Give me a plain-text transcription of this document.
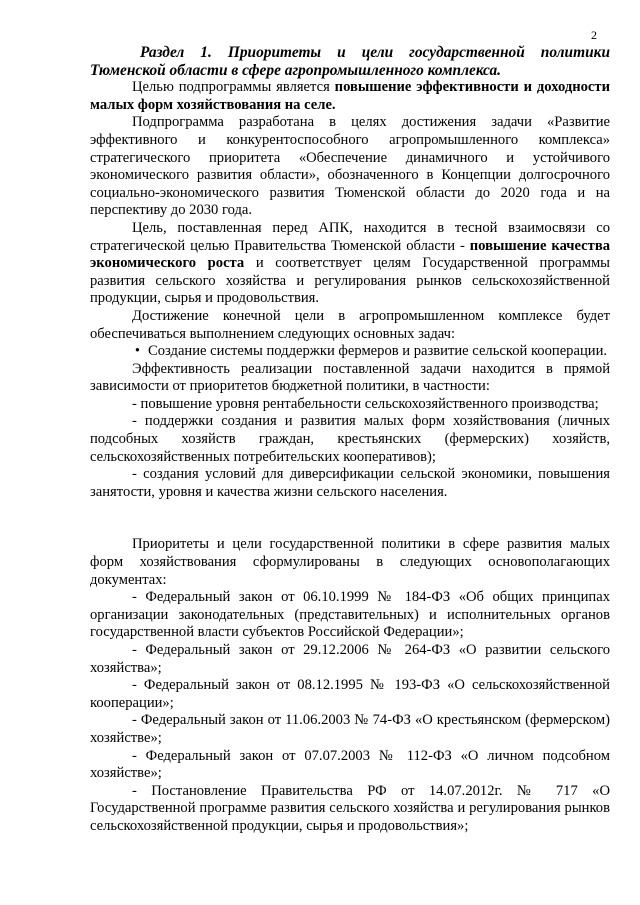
2

Раздел 1. Приоритеты и цели государственной политики Тюменской области в сфере агропромышленного комплекса.

Целью подпрограммы является повышение эффективности и доходности малых форм хозяйствования на селе.

Подпрограмма разработана в целях достижения задачи «Развитие эффективного и конкурентоспособного агропромышленного комплекса» стратегического приоритета «Обеспечение динамичного и устойчивого экономического развития области», обозначенного в Концепции долгосрочного социально-экономического развития Тюменской области до 2020 года и на перспективу до 2030 года.

Цель, поставленная перед АПК, находится в тесной взаимосвязи со стратегической целью Правительства Тюменской области - повышение качества экономического роста и соответствует целям Государственной программы развития сельского хозяйства и регулирования рынков сельскохозяйственной продукции, сырья и продовольствия.

Достижение конечной цели в агропромышленном комплексе будет обеспечиваться выполнением следующих основных задач:

• Создание системы поддержки фермеров и развитие сельской кооперации.

Эффективность реализации поставленной задачи находится в прямой зависимости от приоритетов бюджетной политики, в частности:

- повышение уровня рентабельности сельскохозяйственного производства;

- поддержки создания и развития малых форм хозяйствования (личных подсобных хозяйств граждан, крестьянских (фермерских) хозяйств, сельскохозяйственных потребительских кооперативов);

- создания условий для диверсификации сельской экономики, повышения занятости, уровня и качества жизни сельского населения.

Приоритеты и цели государственной политики в сфере развития малых форм хозяйствования сформулированы в следующих основополагающих документах:

- Федеральный закон от 06.10.1999 № 184-ФЗ «Об общих принципах организации законодательных (представительных) и исполнительных органов государственной власти субъектов Российской Федерации»;

- Федеральный закон от 29.12.2006 № 264-ФЗ «О развитии сельского хозяйства»;

- Федеральный закон от 08.12.1995 № 193-ФЗ «О сельскохозяйственной кооперации»;

- Федеральный закон от 11.06.2003 № 74-ФЗ «О крестьянском (фермерском) хозяйстве»;

- Федеральный закон от 07.07.2003 № 112-ФЗ «О личном подсобном хозяйстве»;

- Постановление Правительства РФ от 14.07.2012г. № 717 «О Государственной программе развития сельского хозяйства и регулирования рынков сельскохозяйственной продукции, сырья и продовольствия»;
